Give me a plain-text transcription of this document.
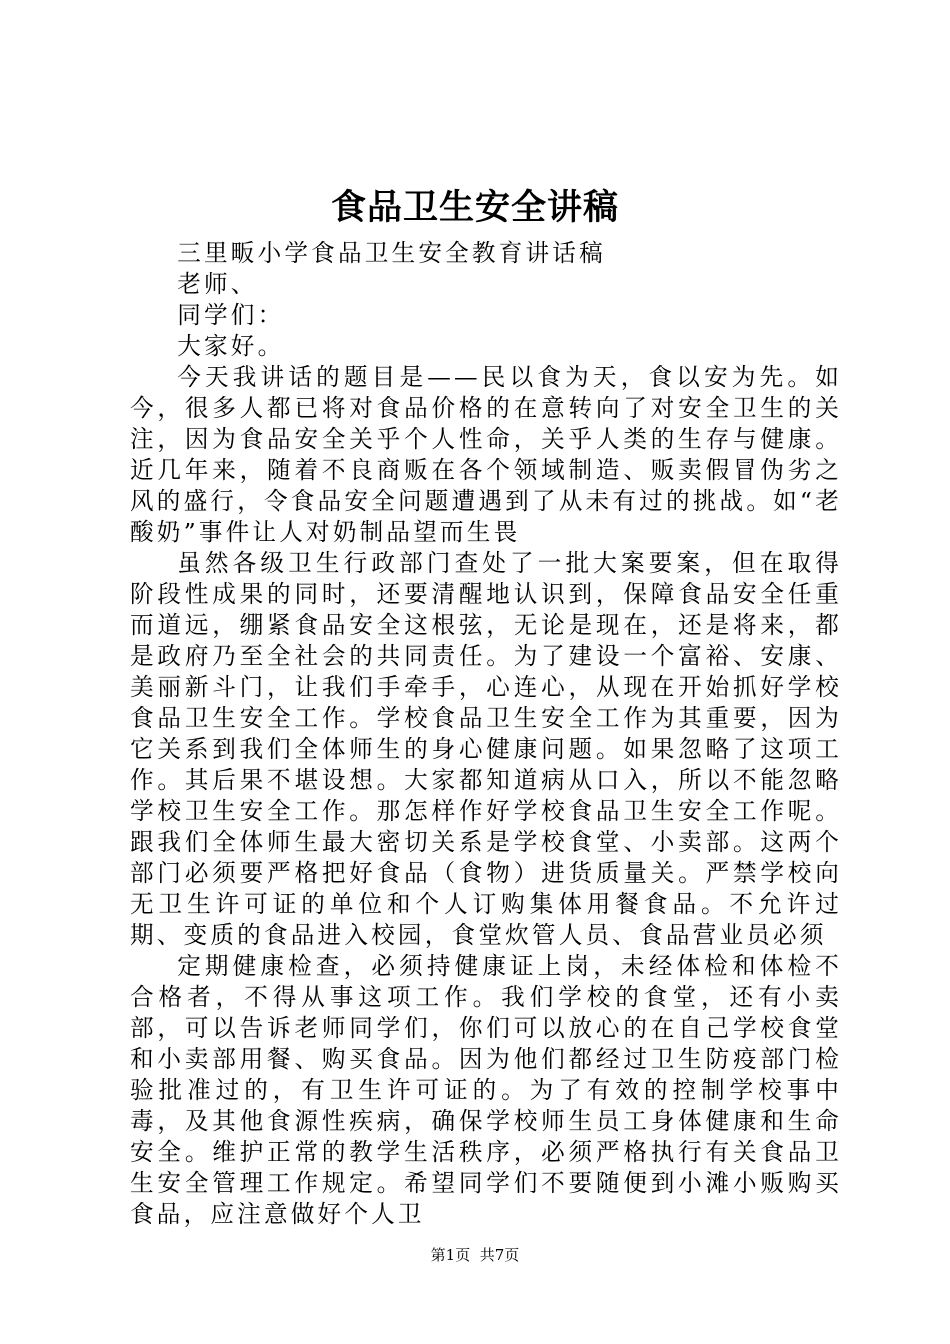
食品卫生安全讲稿

三里畈小学食品卫生安全教育讲话稿

老师、

同学们：

大家好。

今天我讲话的题目是——民以食为天，食以安为先。如今，很多人都已将对食品价格的在意转向了对安全卫生的关注，因为食品安全关乎个人性命，关乎人类的生存与健康。近几年来，随着不良商贩在各个领域制造、贩卖假冒伪劣之风的盛行，令食品安全问题遭遇到了从未有过的挑战。如“老酸奶”事件让人对奶制品望而生畏

虽然各级卫生行政部门查处了一批大案要案，但在取得阶段性成果的同时，还要清醒地认识到，保障食品安全任重而道远，绷紧食品安全这根弦，无论是现在，还是将来，都是政府乃至全社会的共同责任。为了建设一个富裕、安康、美丽新斗门，让我们手牵手，心连心，从现在开始抓好学校食品卫生安全工作。学校食品卫生安全工作为其重要，因为它关系到我们全体师生的身心健康问题。如果忽略了这项工作。其后果不堪设想。大家都知道病从口入，所以不能忽略学校卫生安全工作。那怎样作好学校食品卫生安全工作呢。跟我们全体师生最大密切关系是学校食堂、小卖部。这两个部门必须要严格把好食品（食物）进货质量关。严禁学校向无卫生许可证的单位和个人订购集体用餐食品。不允许过期、变质的食品进入校园，食堂炊管人员、食品营业员必须

定期健康检查，必须持健康证上岗，未经体检和体检不合格者，不得从事这项工作。我们学校的食堂，还有小卖部，可以告诉老师同学们，你们可以放心的在自己学校食堂和小卖部用餐、购买食品。因为他们都经过卫生防疫部门检验批准过的，有卫生许可证的。为了有效的控制学校事中毒，及其他食源性疾病，确保学校师生员工身体健康和生命安全。维护正常的教学生活秩序，必须严格执行有关食品卫生安全管理工作规定。希望同学们不要随便到小滩小贩购买食品，应注意做好个人卫

第1页 共7页
